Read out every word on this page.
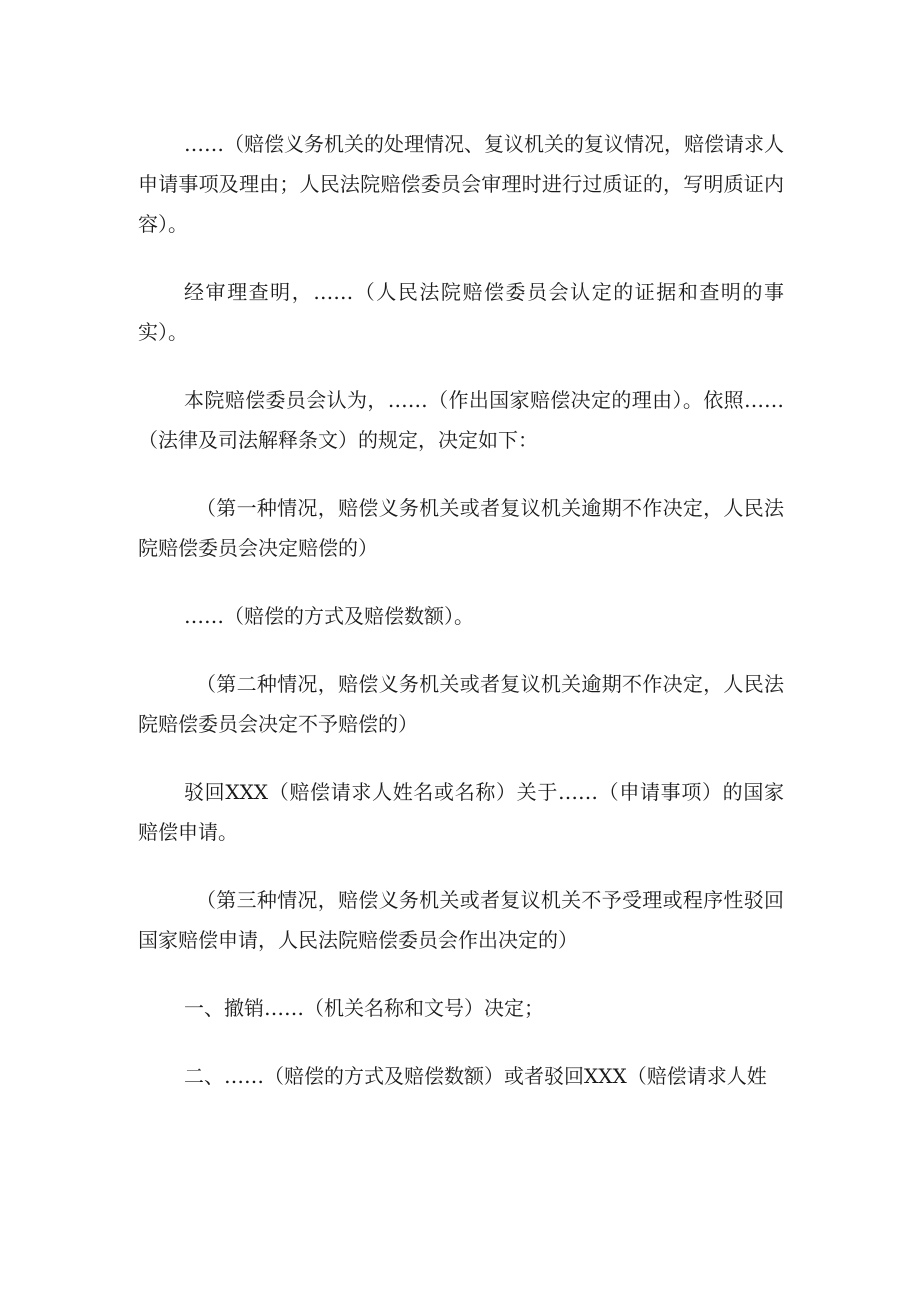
……（赔偿义务机关的处理情况、复议机关的复议情况，赔偿请求人申请事项及理由；人民法院赔偿委员会审理时进行过质证的，写明质证内容）。

经审理查明，……（人民法院赔偿委员会认定的证据和查明的事实）。

本院赔偿委员会认为，……（作出国家赔偿决定的理由）。依照……（法律及司法解释条文）的规定，决定如下：

（第一种情况，赔偿义务机关或者复议机关逾期不作决定，人民法院赔偿委员会决定赔偿的）

……（赔偿的方式及赔偿数额）。

（第二种情况，赔偿义务机关或者复议机关逾期不作决定，人民法院赔偿委员会决定不予赔偿的）

驳回XXX（赔偿请求人姓名或名称）关于……（申请事项）的国家赔偿申请。

（第三种情况，赔偿义务机关或者复议机关不予受理或程序性驳回国家赔偿申请，人民法院赔偿委员会作出决定的）

一、撤销……（机关名称和文号）决定；

二、……（赔偿的方式及赔偿数额）或者驳回XXX（赔偿请求人姓
